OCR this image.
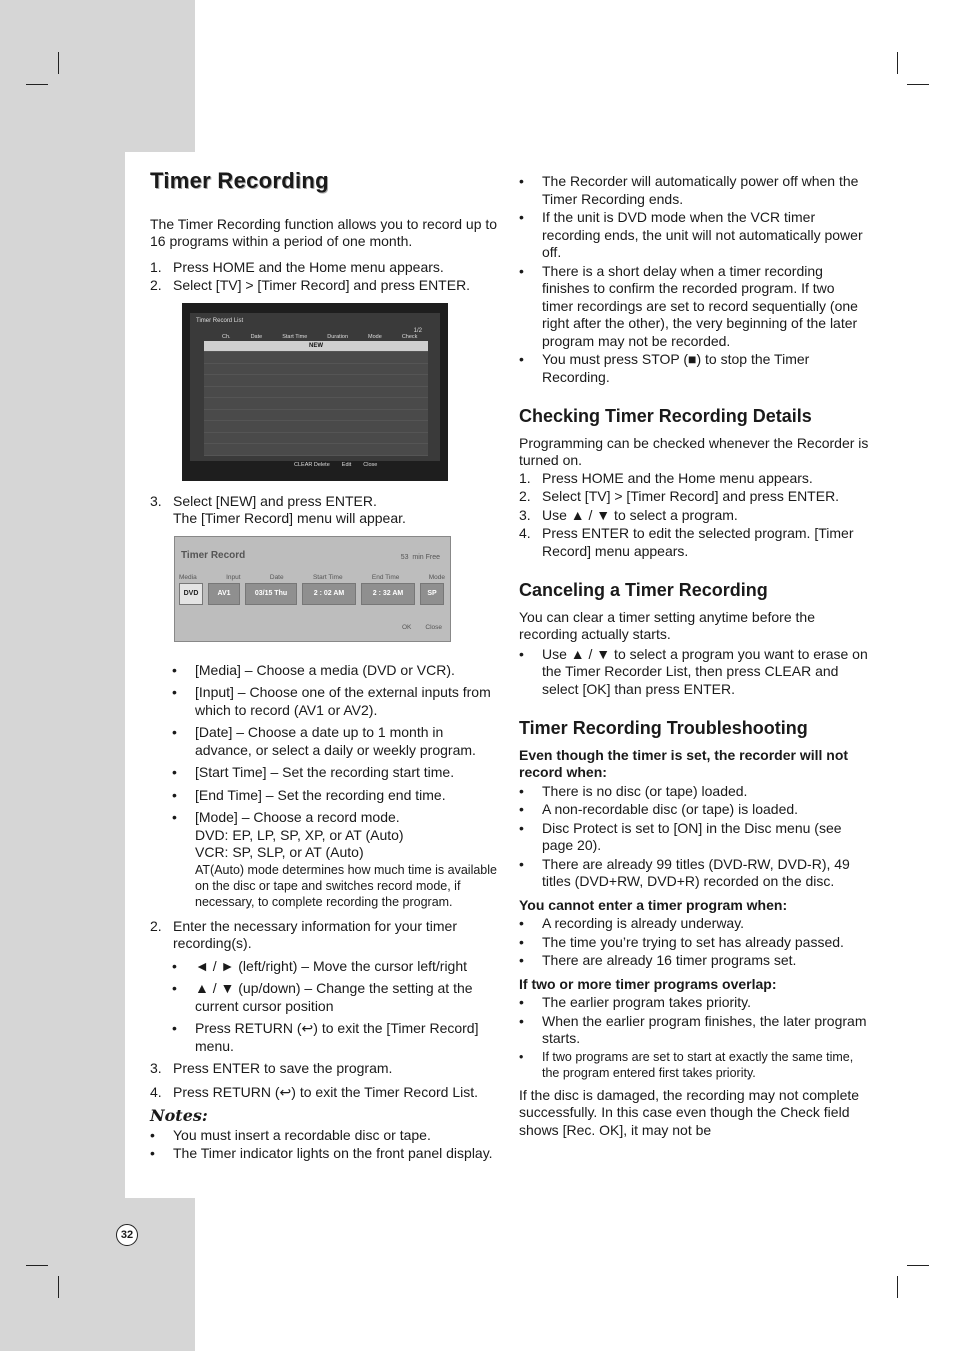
32
Timer Recording

The Timer Recording function allows you to record up to 16 programs within a period of one month.

1. Press HOME and the Home menu appears.
2. Select [TV] > [Timer Record] and press ENTER.
Timer Record List
1/2
Ch.	Date	Start Time	Duration	Mode	Check
NEW
CLEAR Delete Edit Close
3. Select [NEW] and press ENTER.
The [Timer Record] menu will appear.
Timer Record	53 min Free
Media	Input	Date	Start Time	End Time	Mode
DVD	AV1	03/15 Thu	2 : 02 AM	2 : 32 AM	SP
OK Close
• [Media] – Choose a media (DVD or VCR).
• [Input] – Choose one of the external inputs from which to record (AV1 or AV2).
• [Date] – Choose a date up to 1 month in advance, or select a daily or weekly program.
• [Start Time] – Set the recording start time.
• [End Time] – Set the recording end time.
• [Mode] – Choose a record mode.
DVD: EP, LP, SP, XP, or AT (Auto)
VCR: SP, SLP, or AT (Auto)
AT(Auto) mode determines how much time is available on the disc or tape and switches record mode, if necessary, to complete recording the program.
2. Enter the necessary information for your timer recording(s).
• ◄ / ► (left/right) – Move the cursor left/right
• ▲ / ▼ (up/down) – Change the setting at the current cursor position
• Press RETURN (↩) to exit the [Timer Record] menu.
3. Press ENTER to save the program.
4. Press RETURN (↩) to exit the Timer Record List.
Notes:
• You must insert a recordable disc or tape.
• The Timer indicator lights on the front panel display.
• The Recorder will automatically power off when the Timer Recording ends.
• If the unit is DVD mode when the VCR timer recording ends, the unit will not automatically power off.
• There is a short delay when a timer recording finishes to confirm the recorded program. If two timer recordings are set to record sequentially (one right after the other), the very beginning of the later program may not be recorded.
• You must press STOP (■) to stop the Timer Recording.
Checking Timer Recording Details

Programming can be checked whenever the Recorder is turned on.

1. Press HOME and the Home menu appears.
2. Select [TV] > [Timer Record] and press ENTER.
3. Use ▲ / ▼ to select a program.
4. Press ENTER to edit the selected program. [Timer Record] menu appears.
Canceling a Timer Recording

You can clear a timer setting anytime before the recording actually starts.

• Use ▲ / ▼ to select a program you want to erase on the Timer Recorder List, then press CLEAR and select [OK] than press ENTER.
Timer Recording Troubleshooting
Even though the timer is set, the recorder will not record when:
• There is no disc (or tape) loaded.
• A non-recordable disc (or tape) is loaded.
• Disc Protect is set to [ON] in the Disc menu (see page 20).
• There are already 99 titles (DVD-RW, DVD-R), 49 titles (DVD+RW, DVD+R) recorded on the disc.
You cannot enter a timer program when:
• A recording is already underway.
• The time you’re trying to set has already passed.
• There are already 16 timer programs set.
If two or more timer programs overlap:
• The earlier program takes priority.
• When the earlier program finishes, the later program starts.
• If two programs are set to start at exactly the same time, the program entered first takes priority.

If the disc is damaged, the recording may not complete successfully. In this case even though the Check field shows [Rec. OK], it may not be
